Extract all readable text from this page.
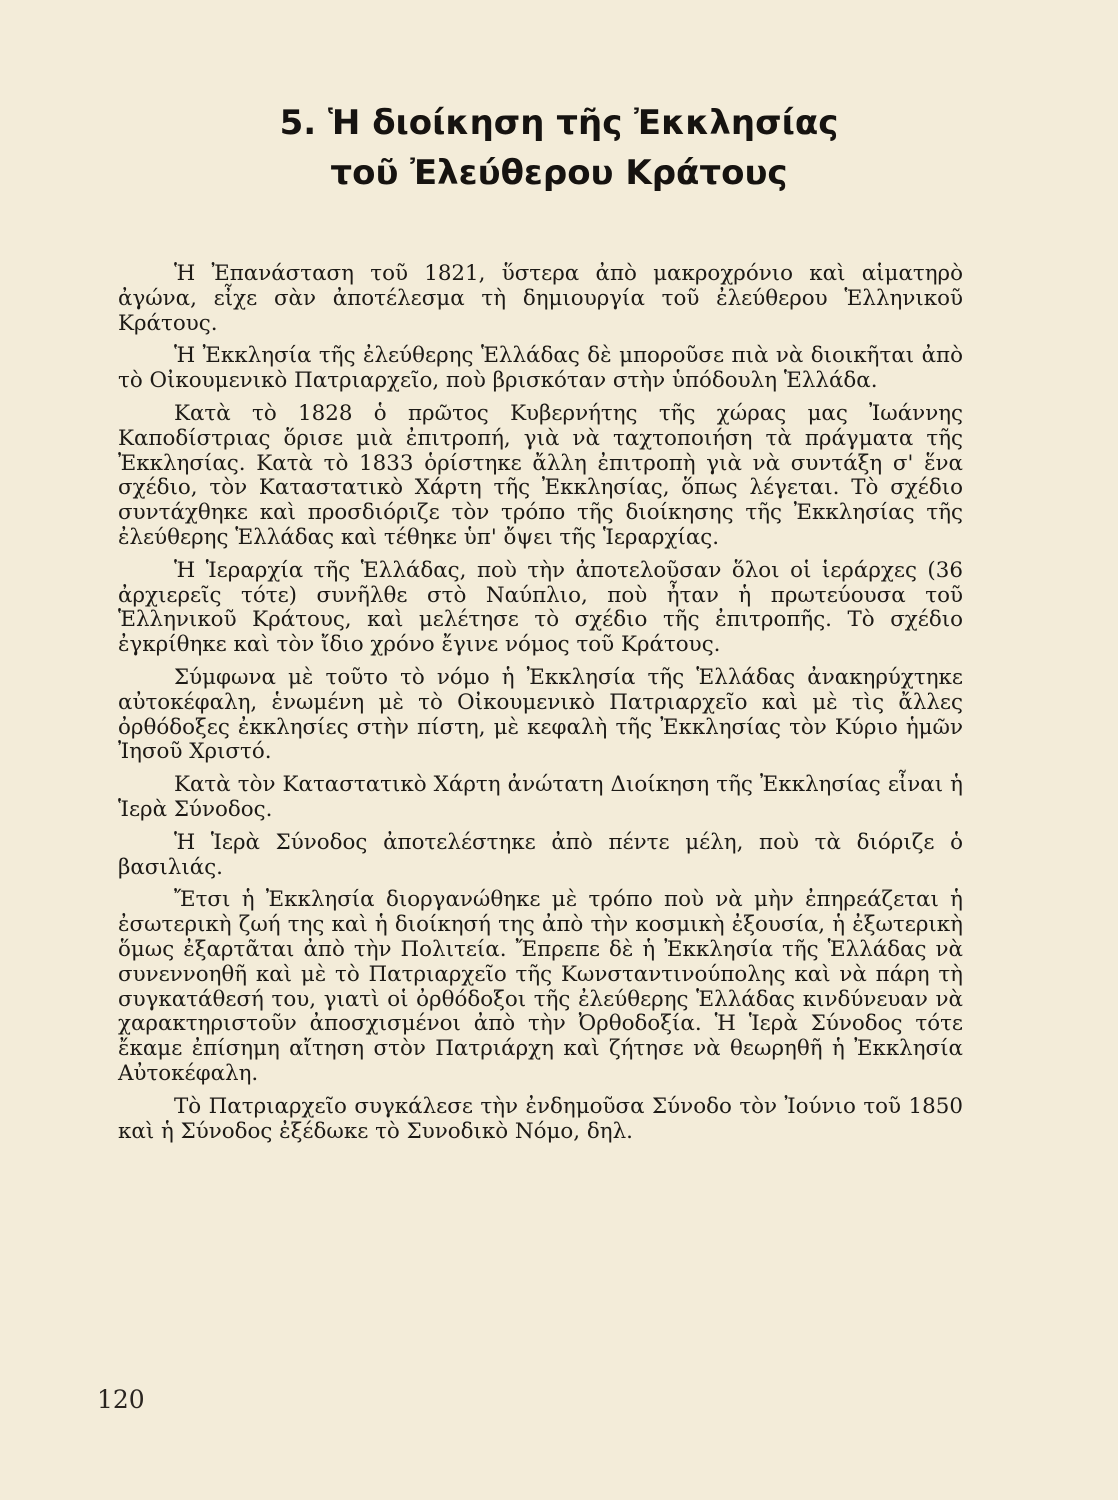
5. Ἡ διοίκηση τῆς Ἐκκλησίας
τοῦ Ἐλεύθερου Κράτους

Ἡ Ἐπανάσταση τοῦ 1821, ὕστερα ἀπὸ μακροχρόνιο καὶ αἱματηρὸ ἀγώνα, εἶχε σὰν ἀποτέλεσμα τὴ δημιουργία τοῦ ἐλεύθερου Ἑλληνικοῦ Κράτους.

Ἡ Ἐκκλησία τῆς ἐλεύθερης Ἑλλάδας δὲ μποροῦσε πιὰ νὰ διοικῆται ἀπὸ τὸ Οἰκουμενικὸ Πατριαρχεῖο, ποὺ βρισκόταν στὴν ὑπόδουλη Ἑλλάδα.

Κατὰ τὸ 1828 ὁ πρῶτος Κυβερνήτης τῆς χώρας μας Ἰωάννης Καποδίστριας ὅρισε μιὰ ἐπιτροπή, γιὰ νὰ ταχτοποιήση τὰ πράγματα τῆς Ἐκκλησίας. Κατὰ τὸ 1833 ὁρίστηκε ἄλλη ἐπιτροπὴ γιὰ νὰ συντάξη σ' ἕνα σχέδιο, τὸν Καταστατικὸ Χάρτη τῆς Ἐκκλησίας, ὅπως λέγεται. Τὸ σχέδιο συντάχθηκε καὶ προσδιόριζε τὸν τρόπο τῆς διοίκησης τῆς Ἐκκλησίας τῆς ἐλεύθερης Ἑλλάδας καὶ τέθηκε ὑπ' ὄψει τῆς Ἱεραρχίας.

Ἡ Ἱεραρχία τῆς Ἑλλάδας, ποὺ τὴν ἀποτελοῦσαν ὅλοι οἱ ἱεράρχες (36 ἀρχιερεῖς τότε) συνῆλθε στὸ Ναύπλιο, ποὺ ἦταν ἡ πρωτεύουσα τοῦ Ἑλληνικοῦ Κράτους, καὶ μελέτησε τὸ σχέδιο τῆς ἐπιτροπῆς. Τὸ σχέδιο ἐγκρίθηκε καὶ τὸν ἴδιο χρόνο ἔγινε νόμος τοῦ Κράτους.

Σύμφωνα μὲ τοῦτο τὸ νόμο ἡ Ἐκκλησία τῆς Ἑλλάδας ἀνακηρύχτηκε αὐτοκέφαλη, ἑνωμένη μὲ τὸ Οἰκουμενικὸ Πατριαρχεῖο καὶ μὲ τὶς ἄλλες ὀρθόδοξες ἐκκλησίες στὴν πίστη, μὲ κεφαλὴ τῆς Ἐκκλησίας τὸν Κύριο ἡμῶν Ἰησοῦ Χριστό.

Κατὰ τὸν Καταστατικὸ Χάρτη ἀνώτατη Διοίκηση τῆς Ἐκκλησίας εἶναι ἡ Ἱερὰ Σύνοδος.

Ἡ Ἱερὰ Σύνοδος ἀποτελέστηκε ἀπὸ πέντε μέλη, ποὺ τὰ διόριζε ὁ βασιλιάς.

Ἔτσι ἡ Ἐκκλησία διοργανώθηκε μὲ τρόπο ποὺ νὰ μὴν ἐπηρεάζεται ἡ ἐσωτερικὴ ζωή της καὶ ἡ διοίκησή της ἀπὸ τὴν κοσμικὴ ἐξουσία, ἡ ἐξωτερικὴ ὅμως ἐξαρτᾶται ἀπὸ τὴν Πολιτεία. Ἔπρεπε δὲ ἡ Ἐκκλησία τῆς Ἑλλάδας νὰ συνεννοηθῆ καὶ μὲ τὸ Πατριαρχεῖο τῆς Κωνσταντινούπολης καὶ νὰ πάρη τὴ συγκατάθεσή του, γιατὶ οἱ ὀρθόδοξοι τῆς ἐλεύθερης Ἑλλάδας κινδύνευαν νὰ χαρακτηριστοῦν ἀποσχισμένοι ἀπὸ τὴν Ὀρθοδοξία. Ἡ Ἱερὰ Σύνοδος τότε ἔκαμε ἐπίσημη αἴτηση στὸν Πατριάρχη καὶ ζήτησε νὰ θεωρηθῆ ἡ Ἐκκλησία Αὐτοκέφαλη.

Τὸ Πατριαρχεῖο συγκάλεσε τὴν ἐνδημοῦσα Σύνοδο τὸν Ἰούνιο τοῦ 1850 καὶ ἡ Σύνοδος ἐξέδωκε τὸ Συνοδικὸ Νόμο, δηλ.

120
